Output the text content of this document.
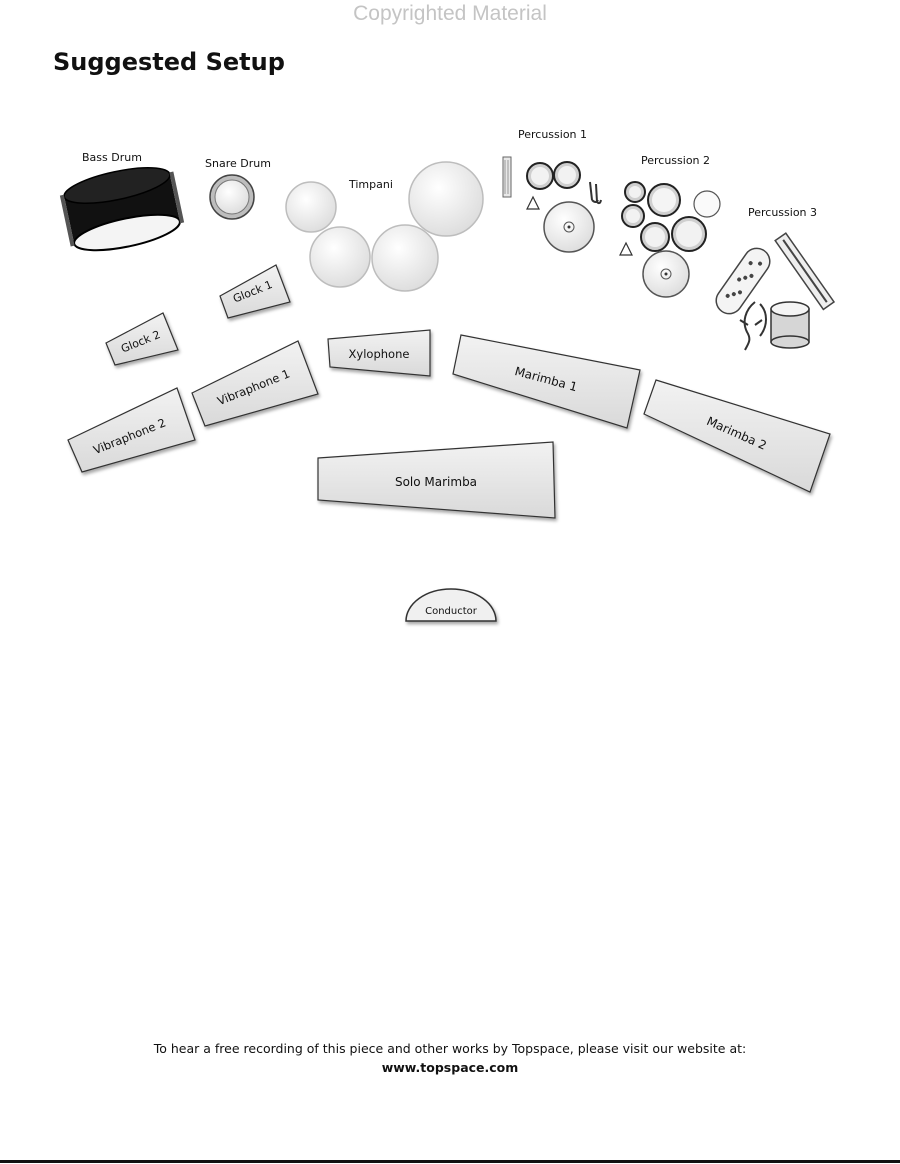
Copyrighted Material
Suggested Setup
Bass Drum	Snare Drum
Timpani
Percussion 1
Percussion 2
Percussion 3
Glock 1
Glock 2	Xylophone
Vibraphone 1
Vibraphone 2
Marimba 1
Marimba 2
Solo Marimba
Conductor
To hear a free recording of this piece and other works by Topspace, please visit our website at:
www.topspace.com
